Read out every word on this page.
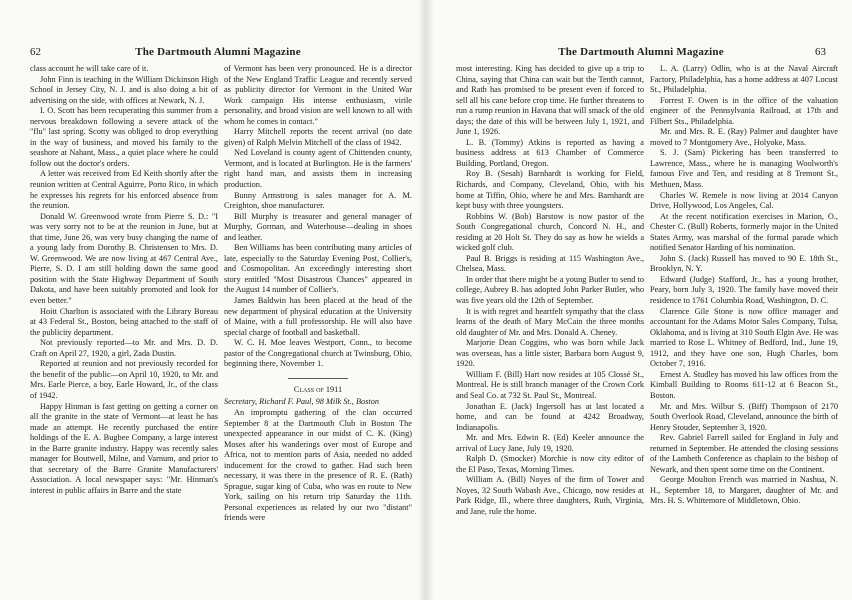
62	The Dartmouth Alumni Magazine

class account he will take care of it.

John Finn is teaching in the William Dickinson High School in Jersey City, N. J. and is also doing a bit of advertising on the side, with offices at Newark, N. J.

I. O. Scott has been recuperating this summer from a nervous breakdown following a severe attack of the "flu" last spring. Scotty was obliged to drop everything in the way of business, and moved his family to the seashore at Nahant, Mass., a quiet place where he could follow out the doctor's orders.

A letter was received from Ed Keith shortly after the reunion written at Central Aguirre, Porto Rico, in which he expresses his regrets for his enforced absence from the reunion.

Donald W. Greenwood wrote from Pierre S. D.: "I was very sorry not to be at the reunion in June, but at that time, June 26, was very busy changing the name of a young lady from Dorothy B. Christensen to Mrs. D. W. Greenwood. We are now living at 467 Central Ave., Pierre, S. D. I am still holding down the same good position with the State Highway Department of South Dakota, and have been suitably promoted and look for even better."

Hoitt Charlton is associated with the Library Bureau at 43 Federal St., Boston, being attached to the staff of the publicity department.

Not previously reported—to Mr. and Mrs. D. D. Craft on April 27, 1920, a girl, Zada Dustin.

Reported at reunion and not previously recorded for the benefit of the public—on April 10, 1920, to Mr. and Mrs. Earle Pierce, a boy, Earle Howard, Jr., of the class of 1942.

Happy Hinman is fast getting on getting a corner on all the granite in the state of Vermont—at least he has made an attempt. He recently purchased the entire holdings of the E. A. Bugbee Company, a large interest in the Barre granite industry. Happy was recently sales manager for Boutwell, Milne, and Varnum, and prior to that secretary of the Barre Granite Manufacturers' Association. A local newspaper says: "Mr. Hinman's interest in public affairs in Barre and the state

of Vermont has been very pronounced. He is a director of the New England Traffic League and recently served as publicity director for Vermont in the United War Work campaign His intense enthusiasm, virile personality, and broad vision are well known to all with whom he comes in contact."

Harry Mitchell reports the recent arrival (no date given) of Ralph Melvin Mitchell of the class of 1942.

Ned Loveland is county agent of Chittenden county, Vermont, and is located at Burlington. He is the farmers' right hand man, and assists them in increasing production.

Bunny Armstrong is sales manager for A. M. Creighton, shoe manufacturer.

Bill Murphy is treasurer and general manager of Murphy, Gorman, and Waterhouse—dealing in shoes and leather.

Ben Williams has been contributing many articles of late, especially to the Saturday Evening Post, Collier's, and Cosmopolitan. An exceedingly interesting short story entitled "Most Disastrous Chances" appeared in the August 14 number of Collier's.

James Baldwin has been placed at the head of the new department of physical education at the University of Maine, with a full professorship. He will also have special charge of football and basketball.

W. C. H. Moe leaves Westport, Conn., to become pastor of the Congregational church at Twinsburg, Ohio, beginning there, November 1.

Class of 1911

Secretary, Richard F. Paul, 98 Milk St., Boston

An impromptu gathering of the clan occurred September 8 at the Dartmouth Club in Boston The unexpected appearance in our midst of C. K. (King) Moses after his wanderings over most of Europe and Africa, not to mention parts of Asia, needed no added inducement for the crowd to gather. Had such been necessary, it was there in the presence of R. E. (Rath) Sprague, sugar king of Cuba, who was en route to New York, sailing on his return trip Saturday the 11th. Personal experiences as related by our two "distant" friends were

The Dartmouth Alumni Magazine	63

most interesting. King has decided to give up a trip to China, saying that China can wait but the Tenth cannot, and Rath has promised to be present even if forced to sell all his cane before crop time. He further threatens to run a rump reunion in Havana that will smack of the old days; the date of this will be between July 1, 1921, and June 1, 1926.

L. B. (Tommy) Atkins is reported as having a business address at 613 Chamber of Commerce Building, Portland, Oregon.

Roy B. (Sesah) Barnhardt is working for Field, Richards, and Company, Cleveland, Ohio, with his home at Tiffin, Ohio, where he and Mrs. Barnhardt are kept busy with three youngsters.

Robbins W. (Bob) Barstow is now pastor of the South Congregational church, Concord N. H., and residing at 20 Holt St. They do say as how he wields a wicked golf club.

Paul B. Briggs is residing at 115 Washington Ave., Chelsea, Mass.

In order that there might be a young Butler to send to college, Aubrey B. has adopted John Parker Butler, who was five years old the 12th of September.

It is with regret and heartfelt sympathy that the class learns of the death of Mary McCain the three months old daughter of Mr. and Mrs. Donald A. Cheney.

Marjorie Dean Coggins, who was born while Jack was overseas, has a little sister, Barbara born August 9, 1920.

William F. (Bill) Hart now resides at 105 Clossé St., Montreal. He is still branch manager of the Crown Cork and Seal Co. at 732 St. Paul St., Montreal.

Jonathan E. (Jack) Ingersoll has at last located a home, and can be found at 4242 Broadway, Indianapolis.

Mr. and Mrs. Edwin R. (Ed) Keeler announce the arrival of Lucy Jane, July 19, 1920.

Ralph D. (Smocker) Morchie is now city editor of the El Paso, Texas, Morning Times.

William A. (Bill) Noyes of the firm of Tower and Noyes, 32 South Wabash Ave., Chicago, now resides at Park Ridge, Ill., where three daughters, Ruth, Virginia, and Jane, rule the home.

L. A. (Larry) Odlin, who is at the Naval Aircraft Factory, Philadelphia, has a home address at 407 Locust St., Philadelphia.

Forrest F. Owen is in the office of the valuation engineer of the Pennsylvania Railroad, at 17th and Filbert Sts., Philadelphia.

Mr. and Mrs. R. E. (Ray) Palmer and daughter have moved to 7 Montgomery Ave., Holyoke, Mass.

S. J. (Sam) Pickering has been transferred to Lawrence, Mass., where he is managing Woolworth's famous Five and Ten, and residing at 8 Tremont St., Methuen, Mass.

Charles W. Remele is now living at 2014 Canyon Drive, Hollywood, Los Angeles, Cal.

At the recent notification exercises in Marion, O., Chester C. (Bull) Roberts, formerly major in the United States Army, was marshal of the formal parade which notified Senator Harding of his nomination.

John S. (Jack) Russell has moved to 90 E. 18th St., Brooklyn, N. Y.

Edward (Judge) Stafford, Jr., has a young brother, Peary, born July 3, 1920. The family have moved their residence to 1761 Columbia Road, Washington, D. C.

Clarence Gile Stone is now office manager and accountant for the Adams Motor Sales Company, Tulsa, Oklahoma, and is living at 310 South Elgin Ave. He was married to Rose L. Whitney of Bedford, Ind., June 19, 1912, and they have one son, Hugh Charles, born October 7, 1916.

Ernest A. Studley has moved his law offices from the Kimball Building to Rooms 611-12 at 6 Beacon St., Boston.

Mr. and Mrs. Wilbur S. (Biff) Thompson of 2170 South Overlook Road, Cleveland, announce the birth of Henry Stouder, September 3, 1920.

Rev. Gabriel Farrell sailed for England in July and returned in September. He attended the closing sessions of the Lambeth Conference as chaplain to the bishop of Newark, and then spent some time on the Continent.

George Moulton French was married in Nashua, N. H., September 18, to Margaret, daughter of Mr. and Mrs. H. S. Whittemore of Middletown, Ohio.
